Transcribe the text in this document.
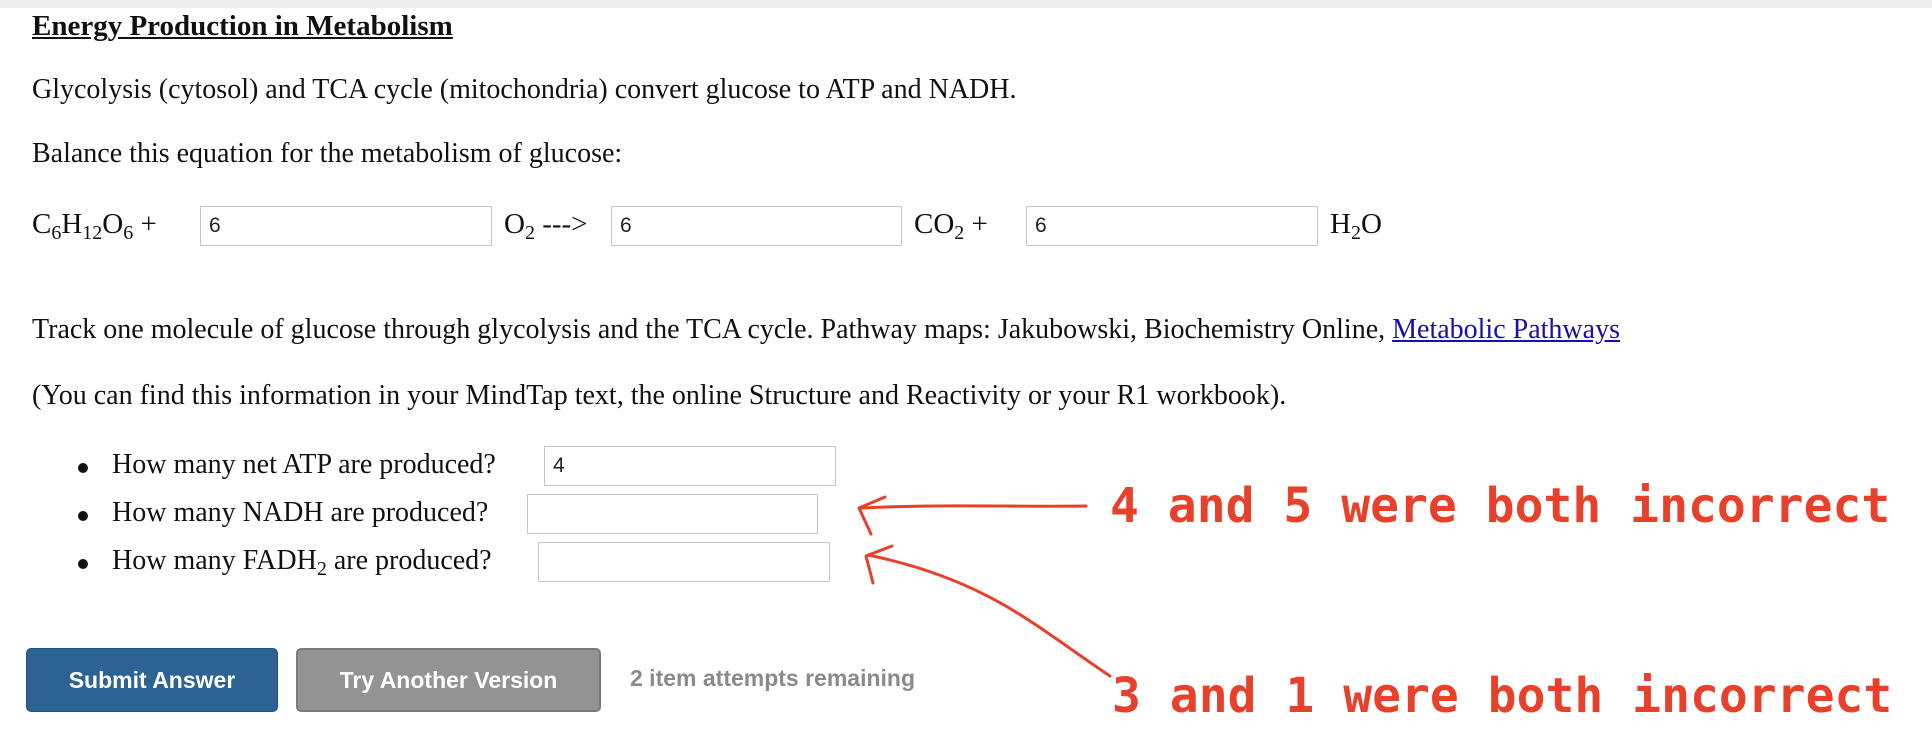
Energy Production in Metabolism
Glycolysis (cytosol) and TCA cycle (mitochondria) convert glucose to ATP and NADH.
Balance this equation for the metabolism of glucose:
$C_6H_{12}O_6$ +
6	$O_2$ --->
6	$CO_2$ +
6	$H_2O$
Track one molecule of glucose through glycolysis and the TCA cycle. Pathway maps: Jakubowski, Biochemistry Online, Metabolic Pathways
(You can find this information in your MindTap text, the online Structure and Reactivity or your R1 workbook).
How many net ATP are produced?
4
How many NADH are produced?
How many $FADH_2$ are produced?
Submit Answer	Try Another Version	2 item attempts remaining
4 and 5 were both incorrect
3 and 1 were both incorrect
